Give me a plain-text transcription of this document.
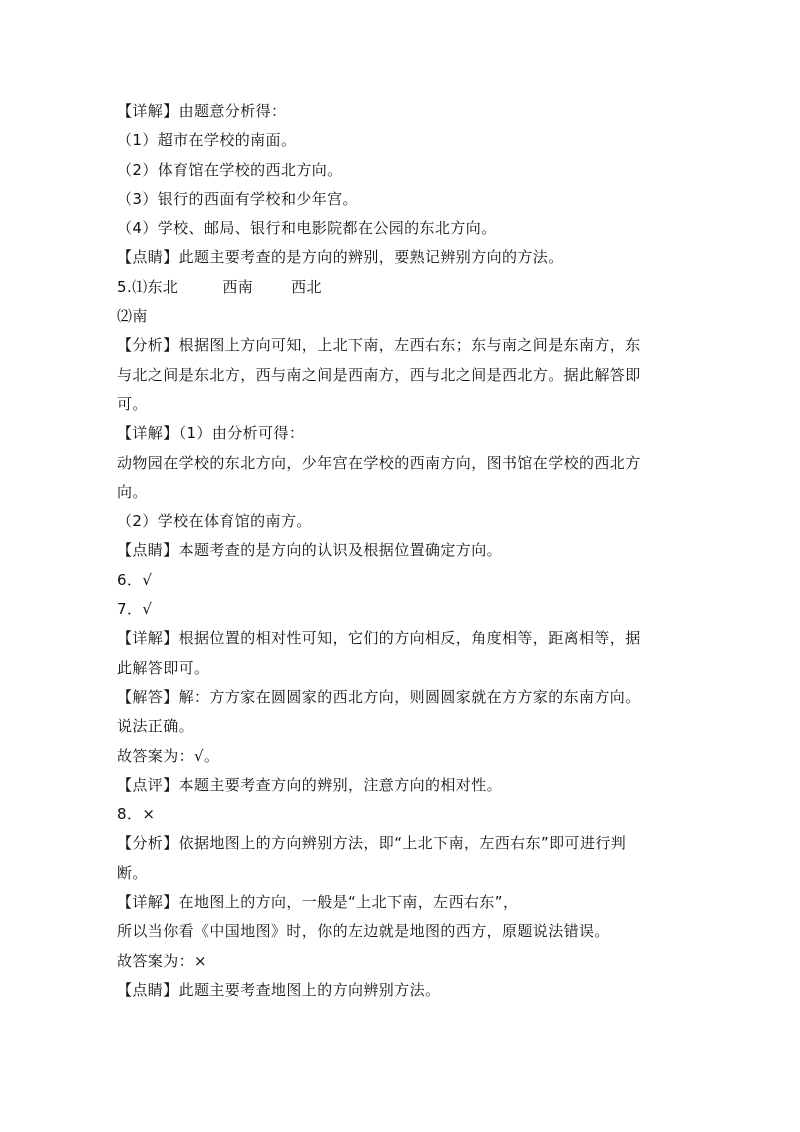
【详解】由题意分析得：
（1）超市在学校的南面。
（2）体育馆在学校的西北方向。
（3）银行的西面有学校和少年宫。
（4）学校、邮局、银行和电影院都在公园的东北方向。
【点睛】此题主要考查的是方向的辨别，要熟记辨别方向的方法。
5.⑴东北	西南	西北
⑵南
【分析】根据图上方向可知，上北下南，左西右东；东与南之间是东南方，东
与北之间是东北方，西与南之间是西南方，西与北之间是西北方。据此解答即
可。
【详解】（1）由分析可得：
动物园在学校的东北方向，少年宫在学校的西南方向，图书馆在学校的西北方
向。
（2）学校在体育馆的南方。
【点睛】本题考查的是方向的认识及根据位置确定方向。
6．√
7．√
【详解】根据位置的相对性可知，它们的方向相反，角度相等，距离相等，据
此解答即可。
【解答】解：方方家在圆圆家的西北方向，则圆圆家就在方方家的东南方向。
说法正确。
故答案为：√。
【点评】本题主要考查方向的辨别，注意方向的相对性。
8．×
【分析】依据地图上的方向辨别方法，即“上北下南，左西右东”即可进行判
断。
【详解】在地图上的方向，一般是“上北下南，左西右东”，
所以当你看《中国地图》时，你的左边就是地图的西方，原题说法错误。
故答案为：×
【点睛】此题主要考查地图上的方向辨别方法。
